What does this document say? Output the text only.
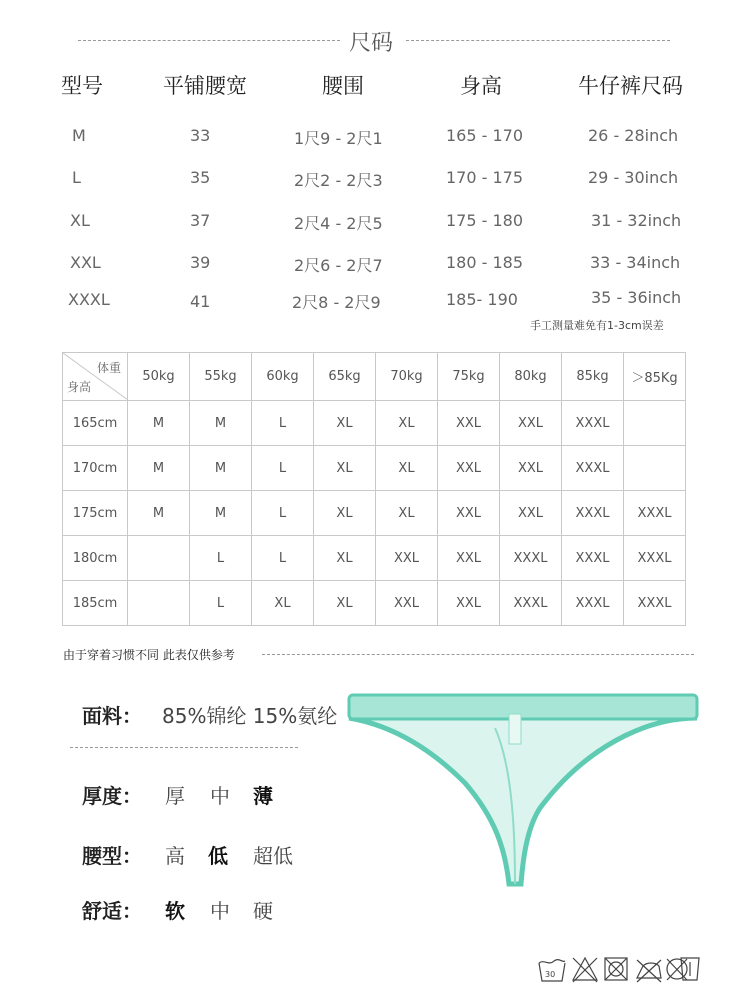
尺码
型号	平铺腰宽	腰围	身高	牛仔裤尺码
M	33	1尺9 - 2尺1	165 - 170	26 - 28inch
L	35	2尺2 - 2尺3	170 - 175	29 - 30inch
XL	37	2尺4 - 2尺5	175 - 180	31 - 32inch
XXL	39	2尺6 - 2尺7	180 - 185	33 - 34inch
XXXL	41	2尺8 - 2尺9	185- 190	35 - 36inch
手工测量难免有1-3cm误差
体重
身高	50kg	55kg	60kg	65kg	70kg	75kg	80kg	85kg	＞85Kg
165cm	M	M	L	XL	XL	XXL	XXL	XXXL	
170cm	M	M	L	XL	XL	XXL	XXL	XXXL	
175cm	M	M	L	XL	XL	XXL	XXL	XXXL	XXXL
180cm		L	L	XL	XXL	XXL	XXXL	XXXL	XXXL
185cm		L	XL	XL	XXL	XXL	XXXL	XXXL	XXXL
由于穿着习惯不同 此表仅供参考
面料： 85%锦纶 15%氨纶
厚度： 厚 中 薄
腰型： 高 低 超低
舒适： 软 中 硬
30
